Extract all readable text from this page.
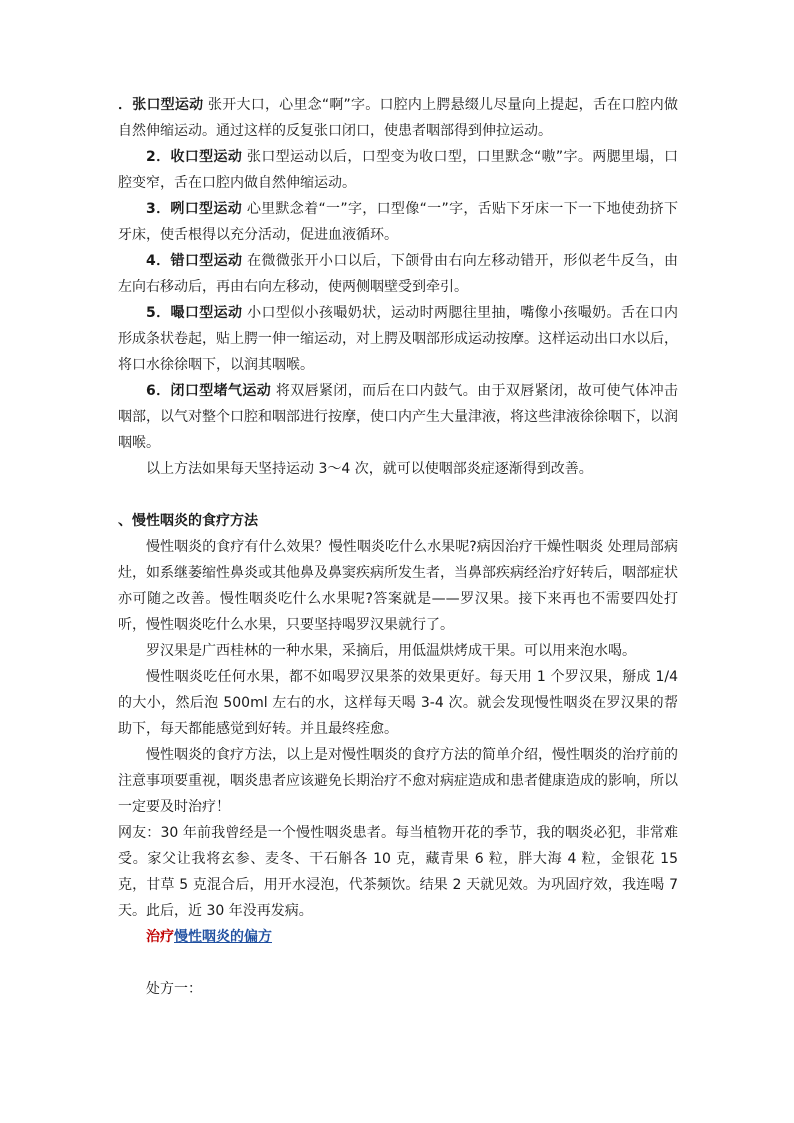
．张口型运动 张开大口，心里念“啊”字。口腔内上腭悬缀儿尽量向上提起，舌在口腔内做自然伸缩运动。通过这样的反复张口闭口，使患者咽部得到伸拉运动。

2．收口型运动 张口型运动以后，口型变为收口型，口里默念“嗷”字。两腮里塌，口腔变窄，舌在口腔内做自然伸缩运动。

3．咧口型运动 心里默念着“一”字，口型像“一”字，舌贴下牙床一下一下地使劲挤下牙床，使舌根得以充分活动，促进血液循环。

4．错口型运动 在微微张开小口以后，下颌骨由右向左移动错开，形似老牛反刍，由左向右移动后，再由右向左移动，使两侧咽壁受到牵引。

5．嘬口型运动 小口型似小孩嘬奶状，运动时两腮往里抽，嘴像小孩嘬奶。舌在口内形成条状卷起，贴上腭一伸一缩运动，对上腭及咽部形成运动按摩。这样运动出口水以后，将口水徐徐咽下，以润其咽喉。

6．闭口型堵气运动 将双唇紧闭，而后在口内鼓气。由于双唇紧闭，故可使气体冲击咽部，以气对整个口腔和咽部进行按摩，使口内产生大量津液，将这些津液徐徐咽下，以润咽喉。

以上方法如果每天坚持运动 3～4 次，就可以使咽部炎症逐渐得到改善。

、慢性咽炎的食疗方法

慢性咽炎的食疗有什么效果？慢性咽炎吃什么水果呢?病因治疗干燥性咽炎 处理局部病灶，如系继萎缩性鼻炎或其他鼻及鼻窦疾病所发生者，当鼻部疾病经治疗好转后，咽部症状亦可随之改善。慢性咽炎吃什么水果呢?答案就是——罗汉果。接下来再也不需要四处打听，慢性咽炎吃什么水果，只要坚持喝罗汉果就行了。

罗汉果是广西桂林的一种水果，采摘后，用低温烘烤成干果。可以用来泡水喝。

慢性咽炎吃任何水果，都不如喝罗汉果茶的效果更好。每天用 1 个罗汉果，掰成 1/4 的大小，然后泡 500ml 左右的水，这样每天喝 3-4 次。就会发现慢性咽炎在罗汉果的帮助下，每天都能感觉到好转。并且最终痊愈。

慢性咽炎的食疗方法，以上是对慢性咽炎的食疗方法的简单介绍，慢性咽炎的治疗前的注意事项要重视，咽炎患者应该避免长期治疗不愈对病症造成和患者健康造成的影响，所以一定要及时治疗！

网友：30 年前我曾经是一个慢性咽炎患者。每当植物开花的季节，我的咽炎必犯，非常难受。家父让我将玄参、麦冬、干石斛各 10 克，藏青果 6 粒，胖大海 4 粒，金银花 15 克，甘草 5 克混合后，用开水浸泡，代茶频饮。结果 2 天就见效。为巩固疗效，我连喝 7 天。此后，近 30 年没再发病。

治疗慢性咽炎的偏方

处方一：
